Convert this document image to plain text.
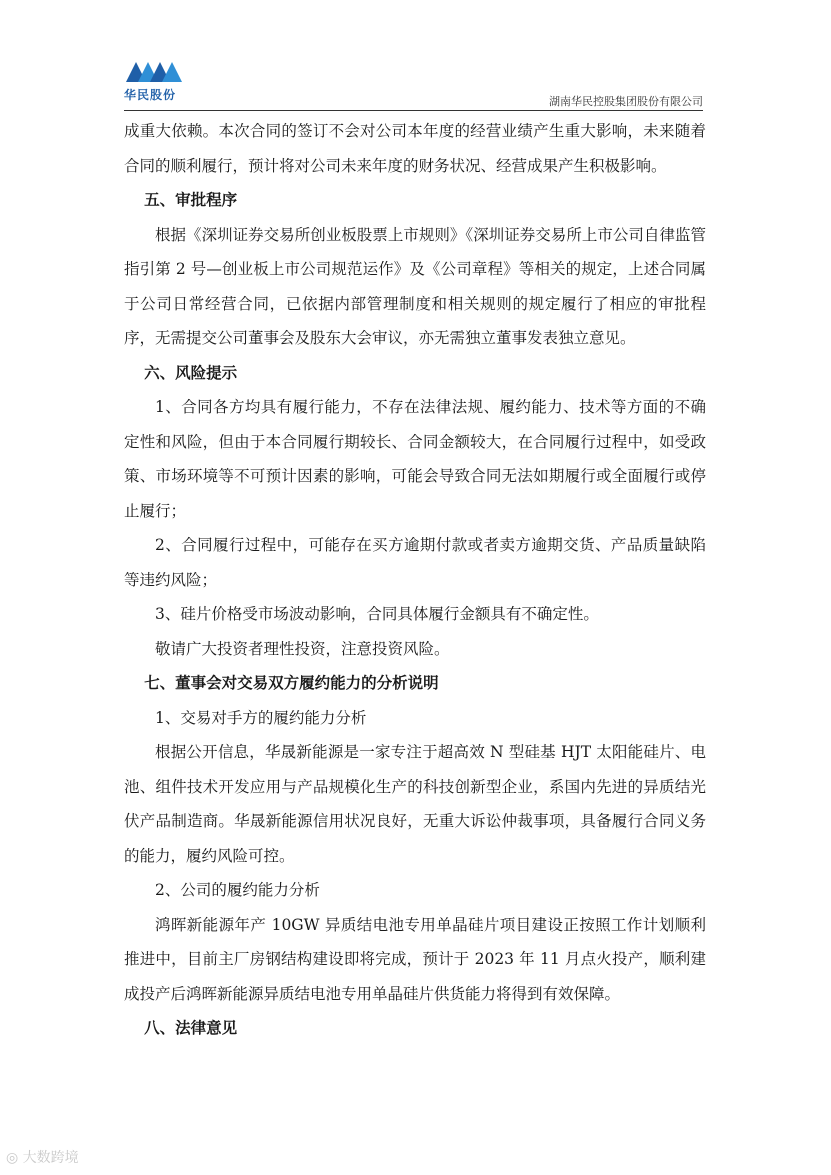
华民股份	湖南华民控股集团股份有限公司

成重大依赖。本次合同的签订不会对公司本年度的经营业绩产生重大影响，未来随着合同的顺利履行，预计将对公司未来年度的财务状况、经营成果产生积极影响。

五、审批程序

根据《深圳证券交易所创业板股票上市规则》《深圳证券交易所上市公司自律监管指引第 2 号—创业板上市公司规范运作》及《公司章程》等相关的规定，上述合同属于公司日常经营合同，已依据内部管理制度和相关规则的规定履行了相应的审批程序，无需提交公司董事会及股东大会审议，亦无需独立董事发表独立意见。

六、风险提示

1、合同各方均具有履行能力，不存在法律法规、履约能力、技术等方面的不确定性和风险，但由于本合同履行期较长、合同金额较大，在合同履行过程中，如受政策、市场环境等不可预计因素的影响，可能会导致合同无法如期履行或全面履行或停止履行；

2、合同履行过程中，可能存在买方逾期付款或者卖方逾期交货、产品质量缺陷等违约风险；

3、硅片价格受市场波动影响，合同具体履行金额具有不确定性。

敬请广大投资者理性投资，注意投资风险。

七、董事会对交易双方履约能力的分析说明

1、交易对手方的履约能力分析

根据公开信息，华晟新能源是一家专注于超高效 N 型硅基 HJT 太阳能硅片、电池、组件技术开发应用与产品规模化生产的科技创新型企业，系国内先进的异质结光伏产品制造商。华晟新能源信用状况良好，无重大诉讼仲裁事项，具备履行合同义务的能力，履约风险可控。

2、公司的履约能力分析

鸿晖新能源年产 10GW 异质结电池专用单晶硅片项目建设正按照工作计划顺利推进中，目前主厂房钢结构建设即将完成，预计于 2023 年 11 月点火投产，顺利建成投产后鸿晖新能源异质结电池专用单晶硅片供货能力将得到有效保障。

八、法律意见

◎ 大数跨境
